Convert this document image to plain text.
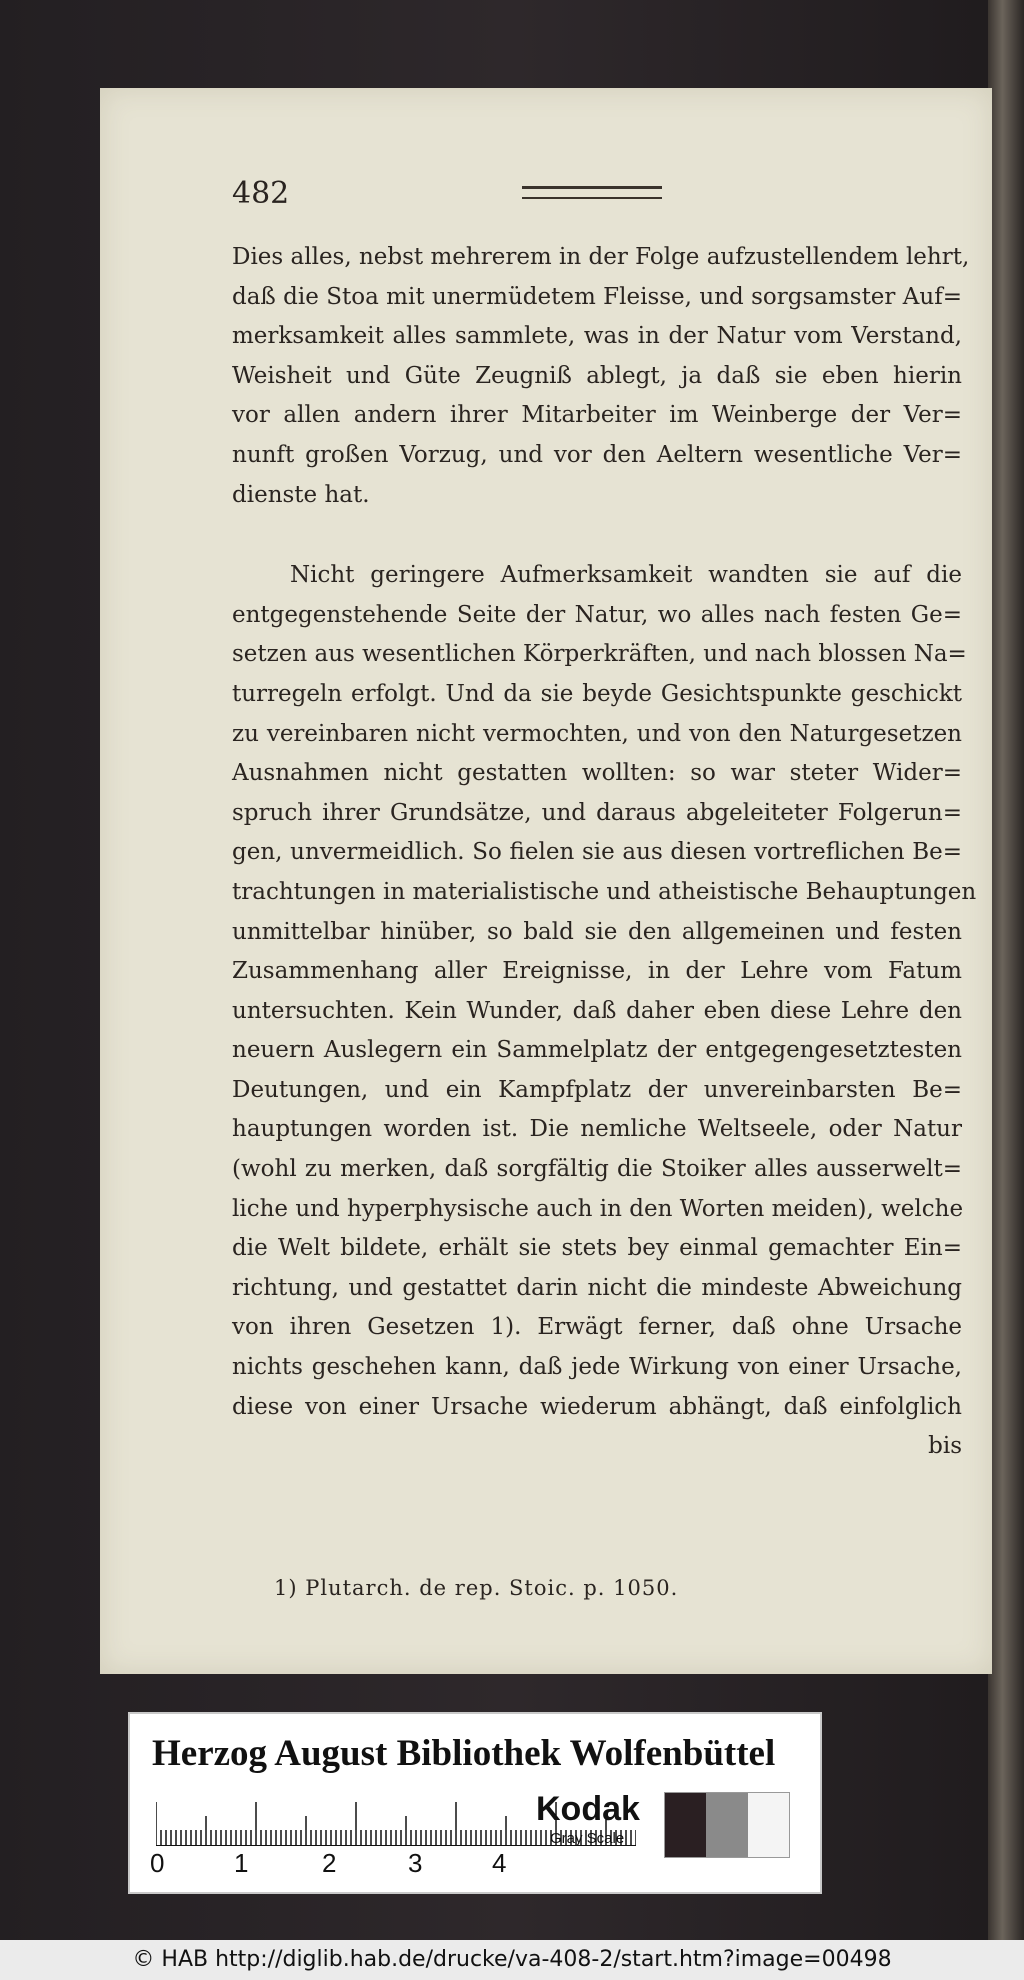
482
Dies alles, nebst mehrerem in der Folge aufzustellendem lehrt,
daß die Stoa mit unermüdetem Fleisse, und sorgsamster Auf=
merksamkeit alles sammlete, was in der Natur vom Verstand,
Weisheit und Güte Zeugniß ablegt, ja daß sie eben hierin
vor allen andern ihrer Mitarbeiter im Weinberge der Ver=
nunft großen Vorzug, und vor den Aeltern wesentliche Ver=
dienste hat.
Nicht geringere Aufmerksamkeit wandten sie auf die
entgegenstehende Seite der Natur, wo alles nach festen Ge=
setzen aus wesentlichen Körperkräften, und nach blossen Na=
turregeln erfolgt. Und da sie beyde Gesichtspunkte geschickt
zu vereinbaren nicht vermochten, und von den Naturgesetzen
Ausnahmen nicht gestatten wollten: so war steter Wider=
spruch ihrer Grundsätze, und daraus abgeleiteter Folgerun=
gen, unvermeidlich. So fielen sie aus diesen vortreflichen Be=
trachtungen in materialistische und atheistische Behauptungen
unmittelbar hinüber, so bald sie den allgemeinen und festen
Zusammenhang aller Ereignisse, in der Lehre vom Fatum
untersuchten. Kein Wunder, daß daher eben diese Lehre den
neuern Auslegern ein Sammelplatz der entgegengesetztesten
Deutungen, und ein Kampfplatz der unvereinbarsten Be=
hauptungen worden ist. Die nemliche Weltseele, oder Natur
(wohl zu merken, daß sorgfältig die Stoiker alles ausserwelt=
liche und hyperphysische auch in den Worten meiden), welche
die Welt bildete, erhält sie stets bey einmal gemachter Ein=
richtung, und gestattet darin nicht die mindeste Abweichung
von ihren Gesetzen 1). Erwägt ferner, daß ohne Ursache
nichts geschehen kann, daß jede Wirkung von einer Ursache,
diese von einer Ursache wiederum abhängt, daß einfolglich
bis
1) Plutarch. de rep. Stoic. p. 1050.
Herzog August Bibliothek Wolfenbüttel
0	1	2	3	4
Kodak
Gray Scale
© HAB http://diglib.hab.de/drucke/va-408-2/start.htm?image=00498
